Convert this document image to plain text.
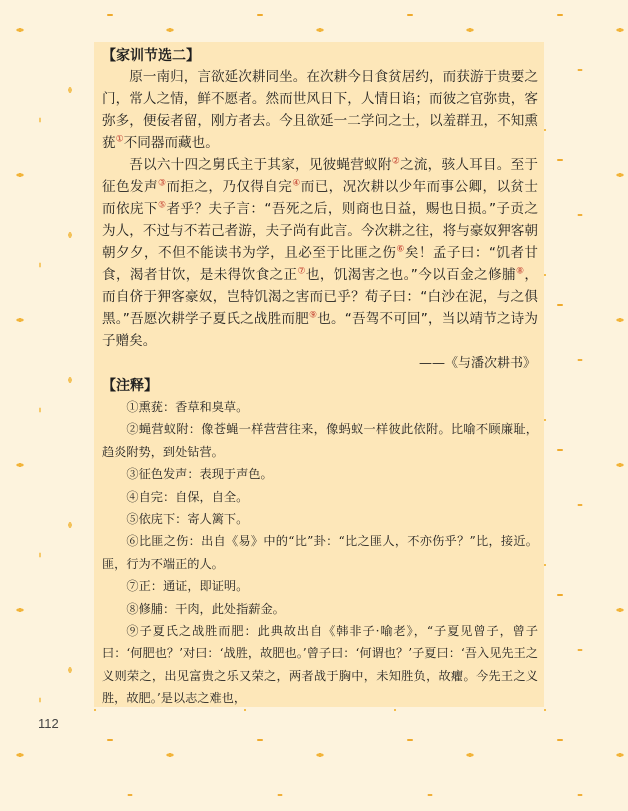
【家训节选二】

原一南归，言欲延次耕同坐。在次耕今日食贫居约，而获游于贵要之门，常人之情，鲜不愿者。然而世风日下，人情日谄；而彼之官弥贵，客弥多，便佞者留，刚方者去。今且欲延一二学问之士，以羞群丑，不知熏莸①不同器而藏也。

吾以六十四之舅氏主于其家，见彼蝇营蚁附②之流，骇人耳目。至于征色发声③而拒之，乃仅得自完④而已，况次耕以少年而事公卿，以贫士而依庑下⑤者乎？夫子言：“吾死之后，则商也日益，赐也日损。”子贡之为人，不过与不若己者游，夫子尚有此言。今次耕之往，将与豪奴狎客朝朝夕夕，不但不能读书为学，且必至于比匪之伤⑥矣！孟子曰：“饥者甘食，渴者甘饮，是未得饮食之正⑦也，饥渴害之也。”今以百金之修脯⑧，而自侪于狎客豪奴，岂特饥渴之害而已乎？荀子曰：“白沙在泥，与之俱黑。”吾愿次耕学子夏氏之战胜而肥⑨也。“吾驾不可回”，当以靖节之诗为子赠矣。

——《与潘次耕书》

【注释】

①熏莸：香草和臭草。

②蝇营蚁附：像苍蝇一样营营往来，像蚂蚁一样彼此依附。比喻不顾廉耻，趋炎附势，到处钻营。

③征色发声：表现于声色。

④自完：自保，自全。

⑤依庑下：寄人篱下。

⑥比匪之伤：出自《易》中的“比”卦：“比之匪人，不亦伤乎？”比，接近。匪，行为不端正的人。

⑦正：通证，即证明。

⑧修脯：干肉，此处指薪金。

⑨子夏氏之战胜而肥：此典故出自《韩非子·喻老》，“子夏见曾子，曾子曰：‘何肥也？’对曰：‘战胜，故肥也。’曾子曰：‘何谓也？’子夏曰：‘吾入见先王之义则荣之，出见富贵之乐又荣之，两者战于胸中，未知胜负，故癯。今先王之义胜，故肥。’是以志之难也，

112
